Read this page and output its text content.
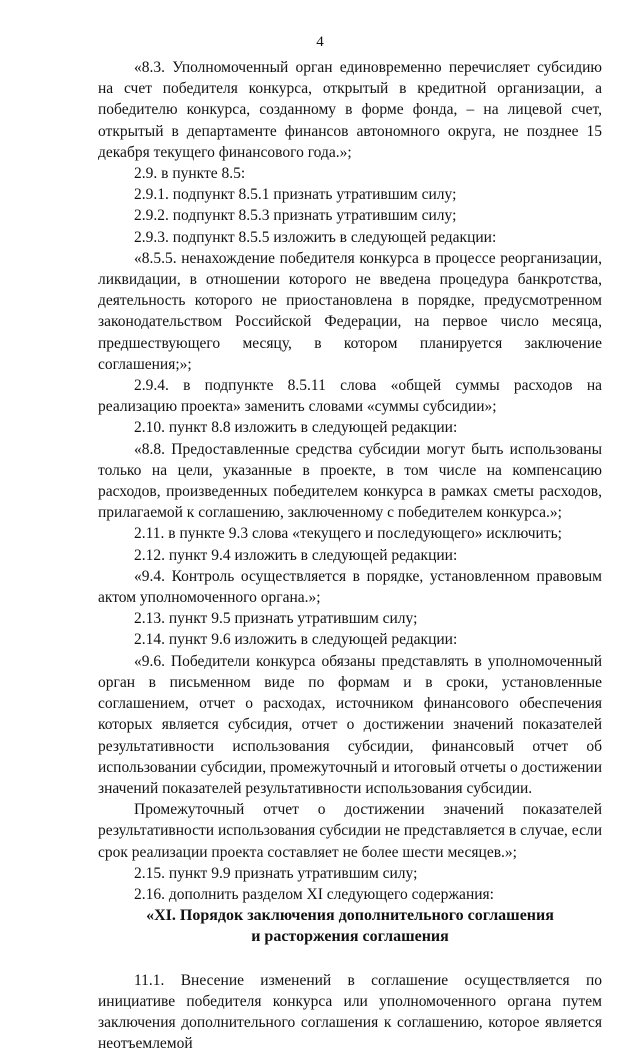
4

«8.3. Уполномоченный орган единовременно перечисляет субсидию на счет победителя конкурса, открытый в кредитной организации, а победителю конкурса, созданному в форме фонда, – на лицевой счет, открытый в департаменте финансов автономного округа, не позднее 15 декабря текущего финансового года.»;

2.9. в пункте 8.5:

2.9.1. подпункт 8.5.1 признать утратившим силу;

2.9.2. подпункт 8.5.3 признать утратившим силу;

2.9.3. подпункт 8.5.5 изложить в следующей редакции:

«8.5.5. ненахождение победителя конкурса в процессе реорганизации, ликвидации, в отношении которого не введена процедура банкротства, деятельность которого не приостановлена в порядке, предусмотренном законодательством Российской Федерации, на первое число месяца, предшествующего месяцу, в котором планируется заключение соглашения;»;

2.9.4. в подпункте 8.5.11 слова «общей суммы расходов на реализацию проекта» заменить словами «суммы субсидии»;

2.10. пункт 8.8 изложить в следующей редакции:

«8.8. Предоставленные средства субсидии могут быть использованы только на цели, указанные в проекте, в том числе на компенсацию расходов, произведенных победителем конкурса в рамках сметы расходов, прилагаемой к соглашению, заключенному с победителем конкурса.»;

2.11. в пункте 9.3 слова «текущего и последующего» исключить;

2.12. пункт 9.4 изложить в следующей редакции:

«9.4. Контроль осуществляется в порядке, установленном правовым актом уполномоченного органа.»;

2.13. пункт 9.5 признать утратившим силу;

2.14. пункт 9.6 изложить в следующей редакции:

«9.6. Победители конкурса обязаны представлять в уполномоченный орган в письменном виде по формам и в сроки, установленные соглашением, отчет о расходах, источником финансового обеспечения которых является субсидия, отчет о достижении значений показателей результативности использования субсидии, финансовый отчет об использовании субсидии, промежуточный и итоговый отчеты о достижении значений показателей результативности использования субсидии.

Промежуточный отчет о достижении значений показателей результативности использования субсидии не представляется в случае, если срок реализации проекта составляет не более шести месяцев.»;

2.15. пункт 9.9 признать утратившим силу;

2.16. дополнить разделом XI следующего содержания:

«XI. Порядок заключения дополнительного соглашения

и расторжения соглашения

11.1. Внесение изменений в соглашение осуществляется по инициативе победителя конкурса или уполномоченного органа путем заключения дополнительного соглашения к соглашению, которое является неотъемлемой
